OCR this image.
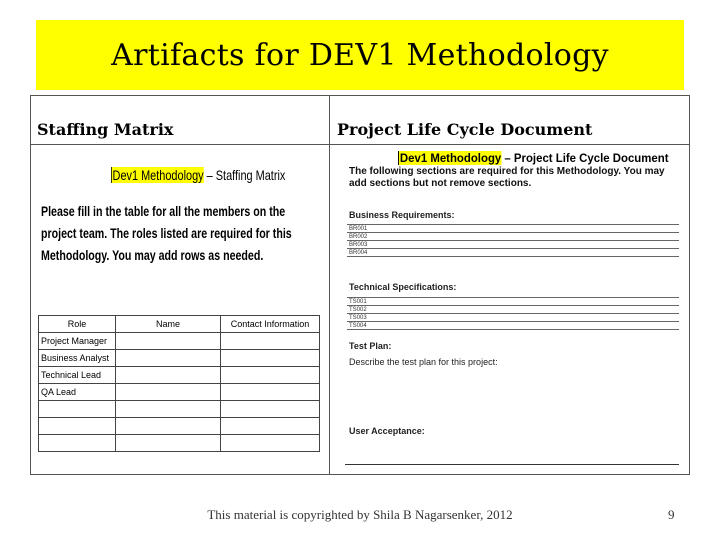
Artifacts for DEV1 Methodology
Staffing Matrix	Project Life Cycle Document
Dev1 Methodology – Staffing Matrix
Please fill in the table for all the members on the project team. The roles listed are required for this Methodology. You may add rows as needed.
Role	Name	Contact Information
Project Manager		
Business Analyst		
Technical Lead		
QA Lead		

Dev1 Methodology – Project Life Cycle Document
The following sections are required for this Methodology. You may
add sections but not remove sections.
Business Requirements:
BR001
BR002
BR003
BR004
Technical Specifications:
TS001
TS002
TS003
TS004
Test Plan:
Describe the test plan for this project:
User Acceptance:
This material is copyrighted by Shila B Nagarsenker, 2012	9
